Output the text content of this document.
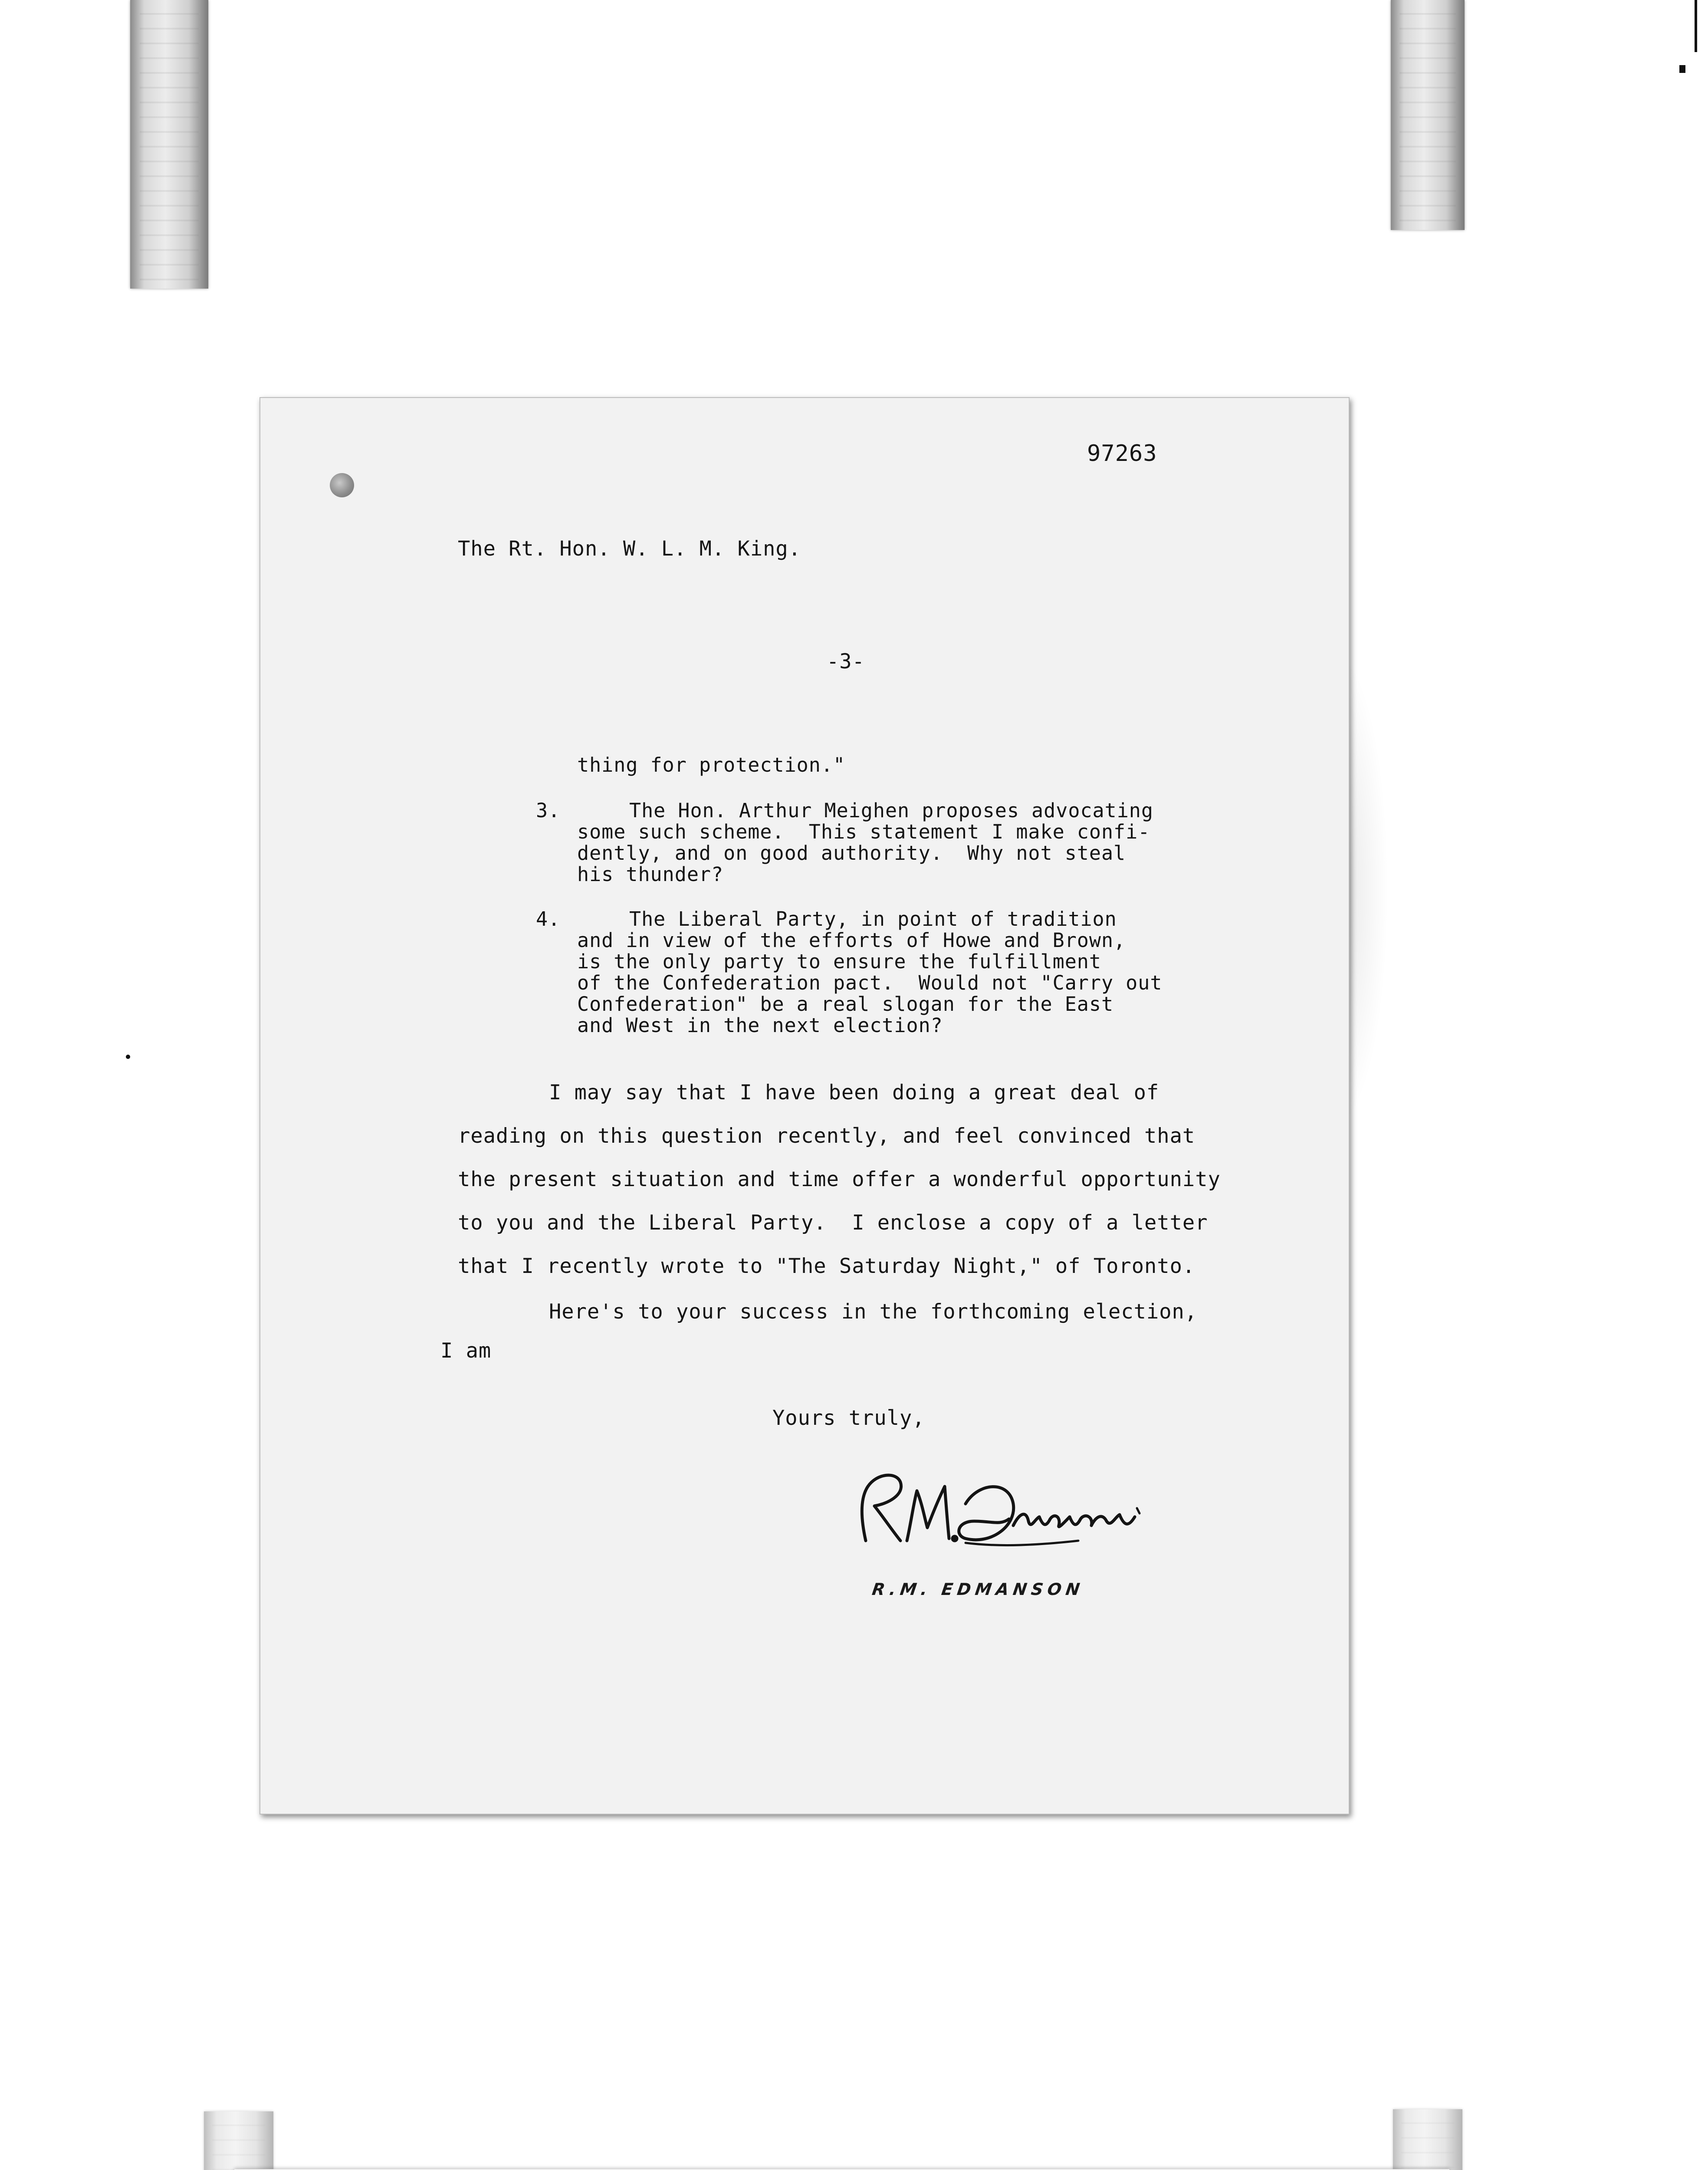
97263
The Rt. Hon. W. L. M. King.
-3-
thing for protection."
3.	The Hon. Arthur Meighen proposes advocating
some such scheme.  This statement I make confi-
dently, and on good authority.  Why not steal
his thunder?
4.	The Liberal Party, in point of tradition
and in view of the efforts of Howe and Brown,
is the only party to ensure the fulfillment
of the Confederation pact.  Would not "Carry out
Confederation" be a real slogan for the East
and West in the next election?
I may say that I have been doing a great deal of
reading on this question recently, and feel convinced that
the present situation and time offer a wonderful opportunity
to you and the Liberal Party.  I enclose a copy of a letter
that I recently wrote to "The Saturday Night," of Toronto.
Here's to your success in the forthcoming election,
I am
Yours truly,
R.M. EDMANSON
